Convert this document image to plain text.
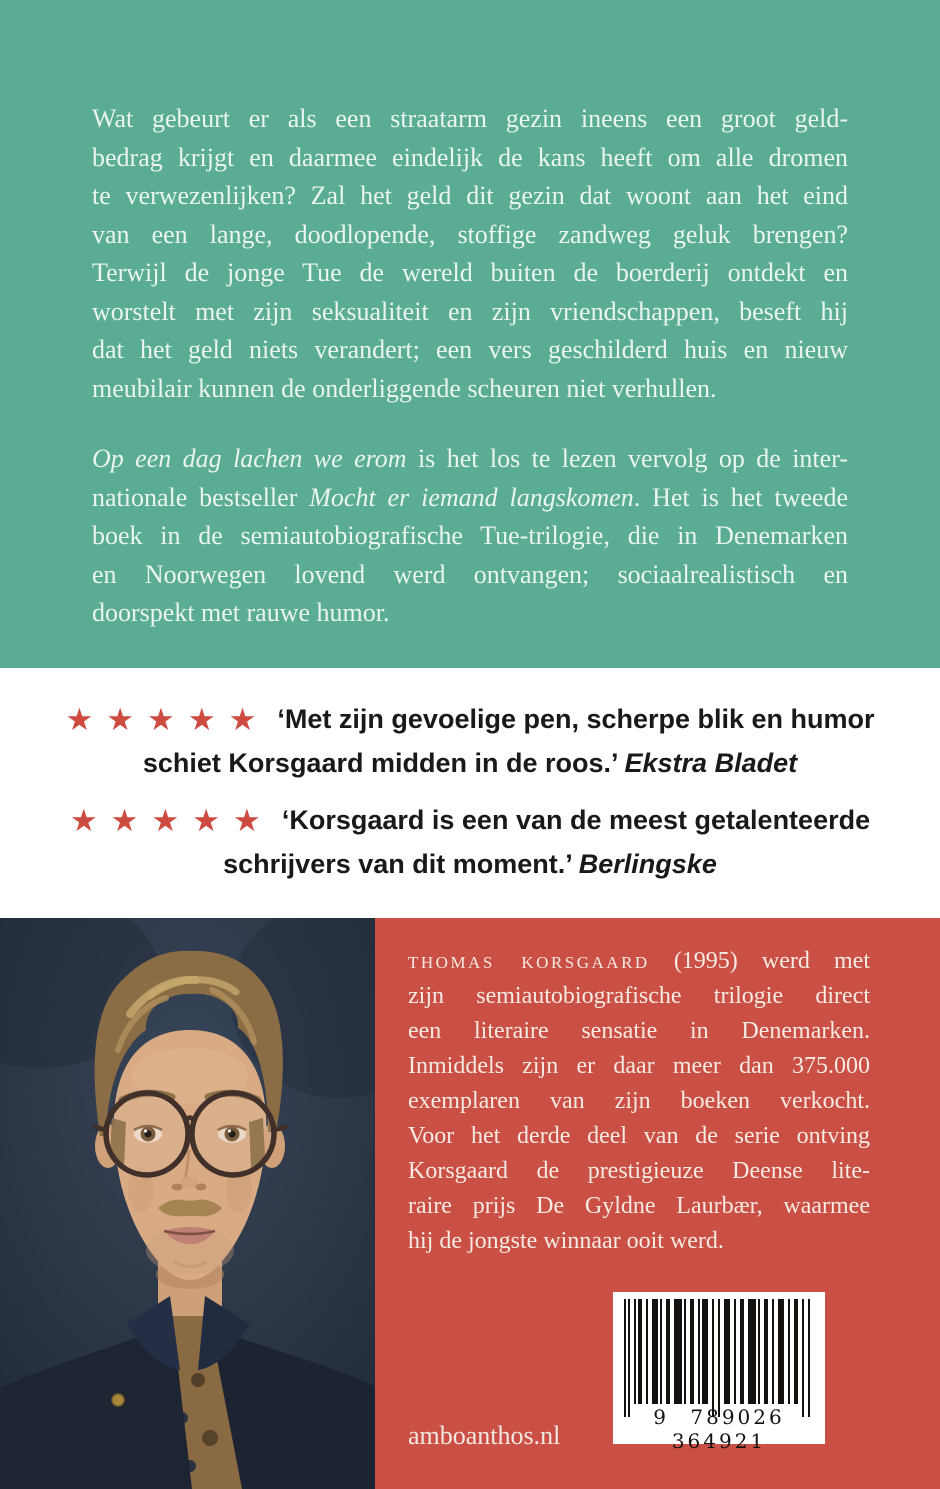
Wat gebeurt er als een straatarm gezin ineens een groot geld-
bedrag krijgt en daarmee eindelijk de kans heeft om alle dromen
te verwezenlijken? Zal het geld dit gezin dat woont aan het eind
van een lange, doodlopende, stoffige zandweg geluk brengen?
Terwijl de jonge Tue de wereld buiten de boerderij ontdekt en
worstelt met zijn seksualiteit en zijn vriendschappen, beseft hij
dat het geld niets verandert; een vers geschilderd huis en nieuw
meubilair kunnen de onderliggende scheuren niet verhullen.
Op een dag lachen we erom is het los te lezen vervolg op de inter-
nationale bestseller Mocht er iemand langskomen. Het is het tweede
boek in de semiautobiografische Tue-trilogie, die in Denemarken
en Noorwegen lovend werd ontvangen; sociaalrealistisch en
doorspekt met rauwe humor.
★★★★★ ‘Met zijn gevoelige pen, scherpe blik en humor
schiet Korsgaard midden in de roos.’ Ekstra Bladet
★★★★★ ‘Korsgaard is een van de meest getalenteerde
schrijvers van dit moment.’ Berlingske
thomas korsgaard (1995) werd met
zijn semiautobiografische trilogie direct
een literaire sensatie in Denemarken.
Inmiddels zijn er daar meer dan 375.000
exemplaren van zijn boeken verkocht.
Voor het derde deel van de serie ontving
Korsgaard de prestigieuze Deense lite-
raire prijs De Gyldne Laurbær, waarmee
hij de jongste winnaar ooit werd.
9 789026 364921
amboanthos.nl
